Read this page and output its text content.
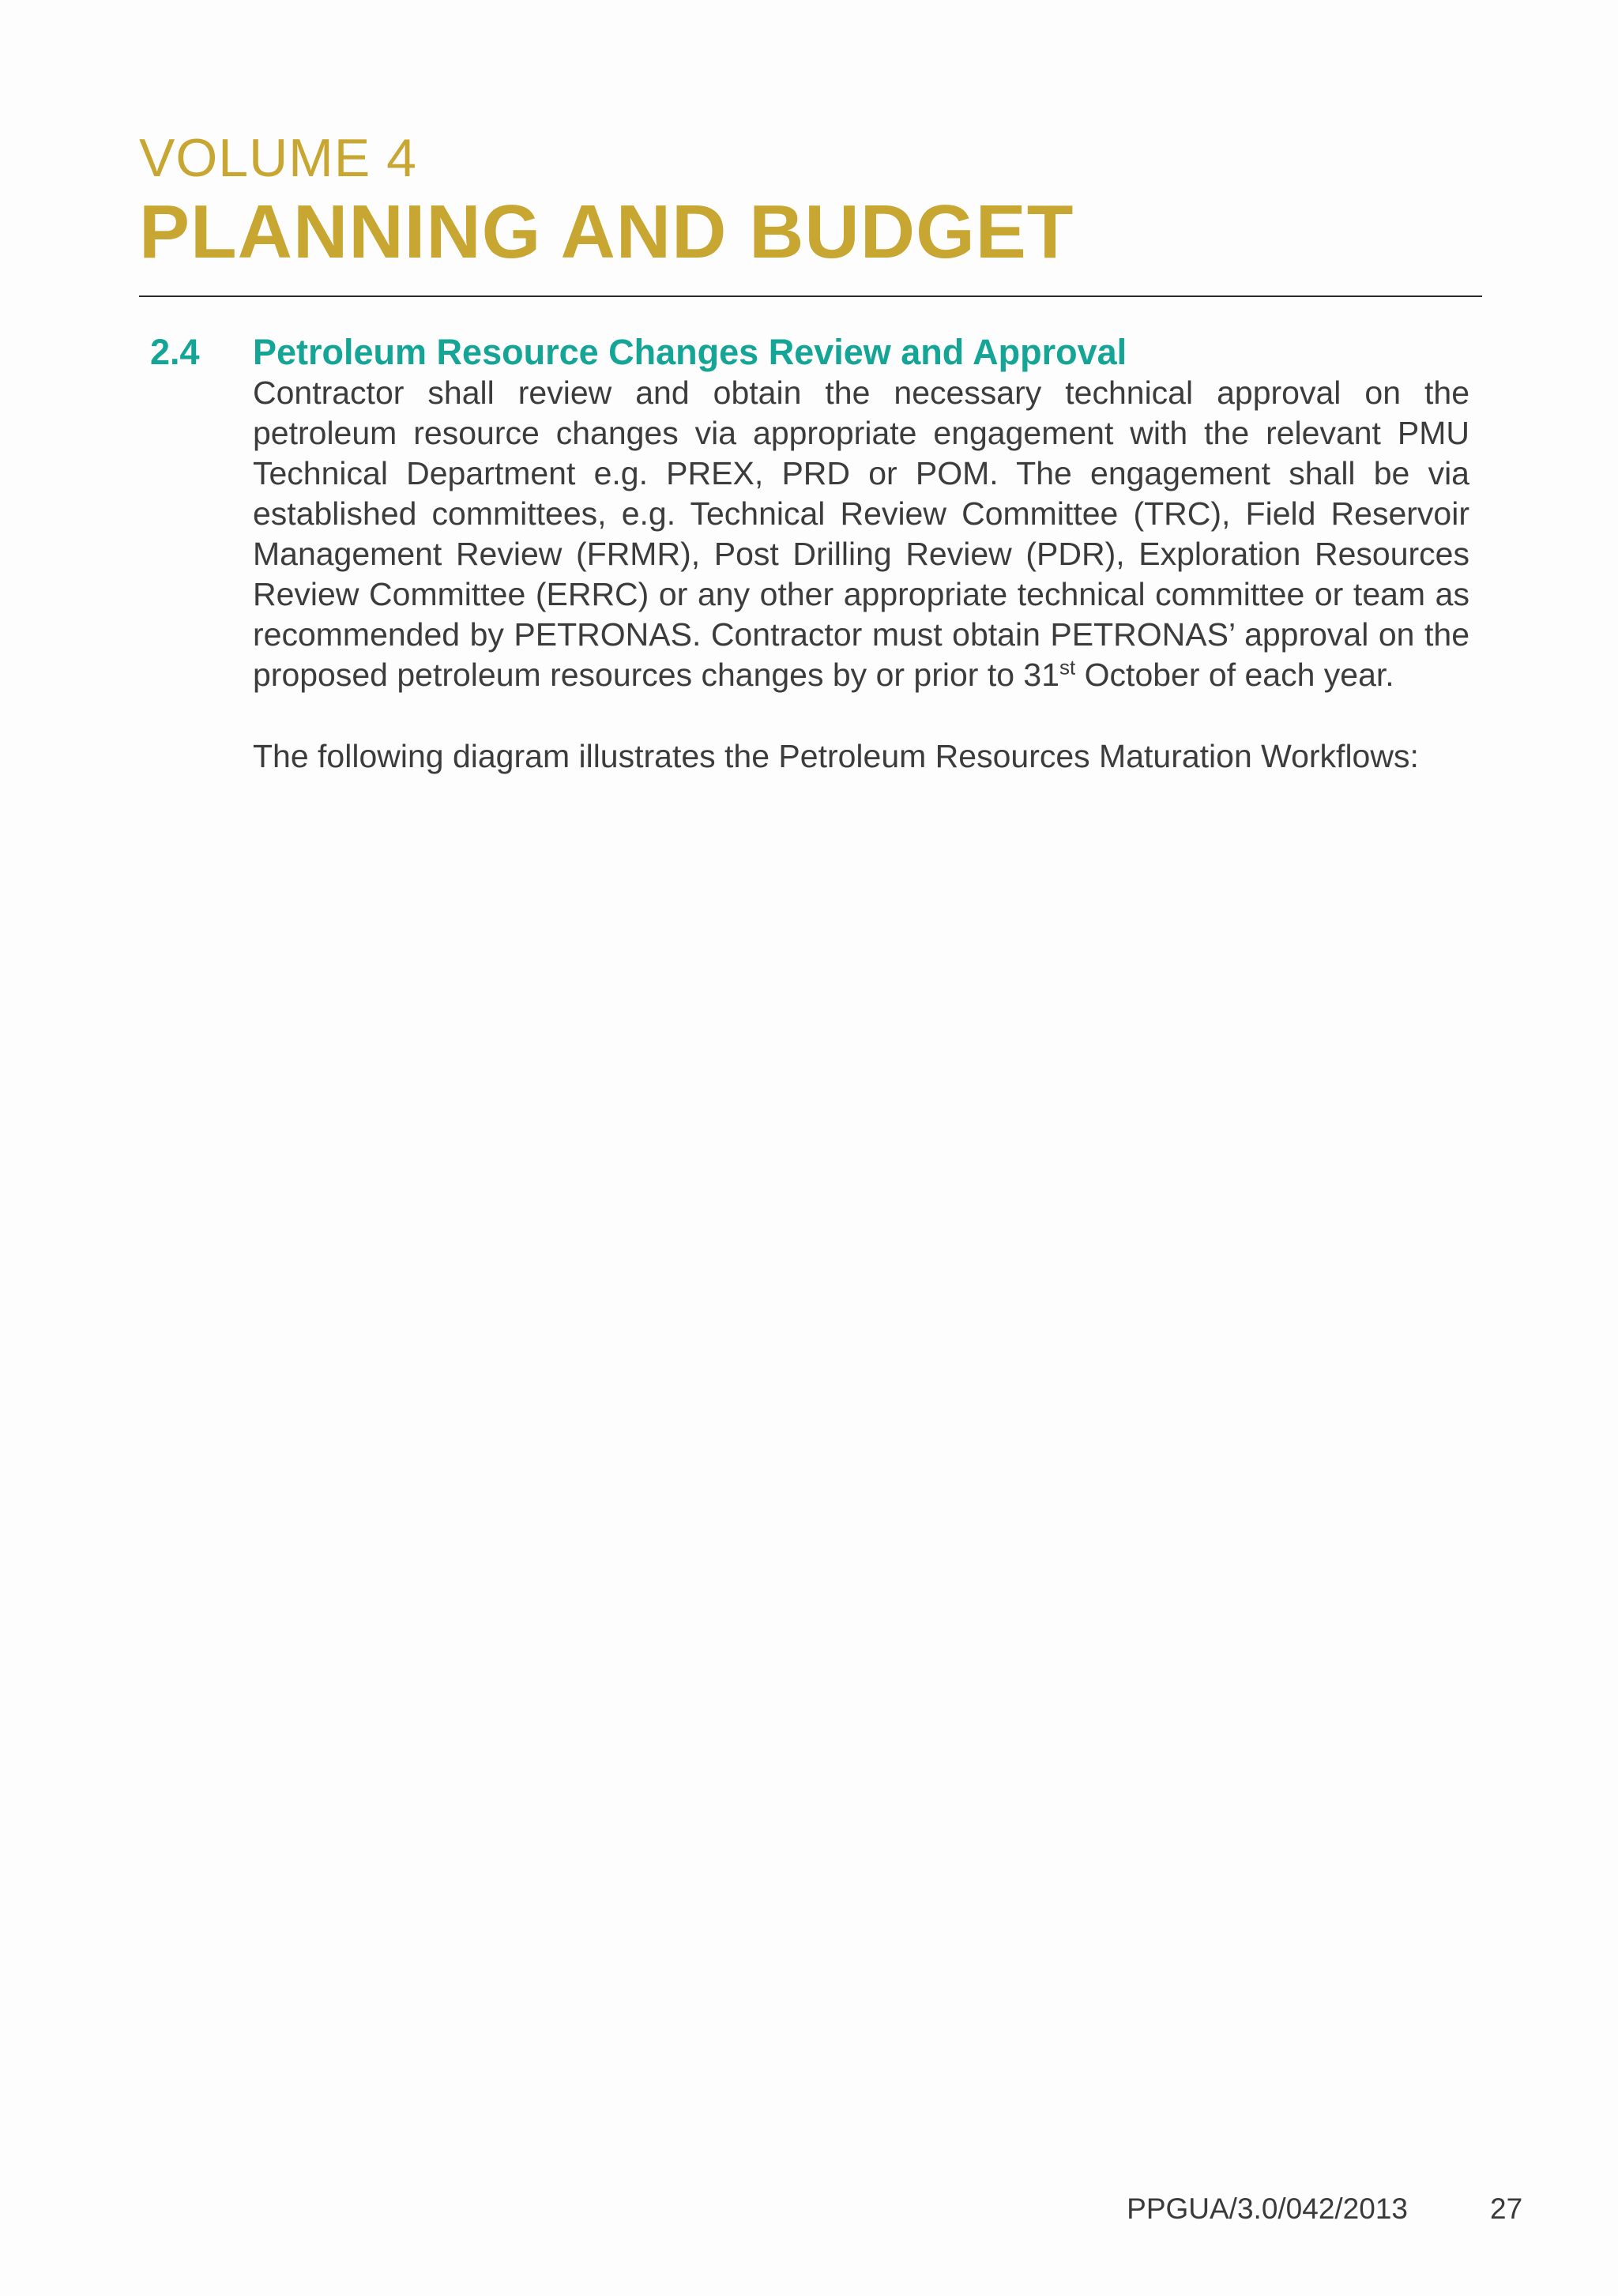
VOLUME 4
PLANNING AND BUDGET
2.4	Petroleum Resource Changes Review and Approval

Contractor shall review and obtain the necessary technical approval on the petroleum resource changes via appropriate engagement with the relevant PMU Technical Department e.g. PREX, PRD or POM. The engagement shall be via established committees, e.g. Technical Review Committee (TRC), Field Reservoir Management Review (FRMR), Post Drilling Review (PDR), Exploration Resources Review Committee (ERRC) or any other appropriate technical committee or team as recommended by PETRONAS. Contractor must obtain PETRONAS’ approval on the proposed petroleum resources changes by or prior to 31st October of each year.

The following diagram illustrates the Petroleum Resources Maturation Workflows:

PPGUA/3.0/042/2013	27
